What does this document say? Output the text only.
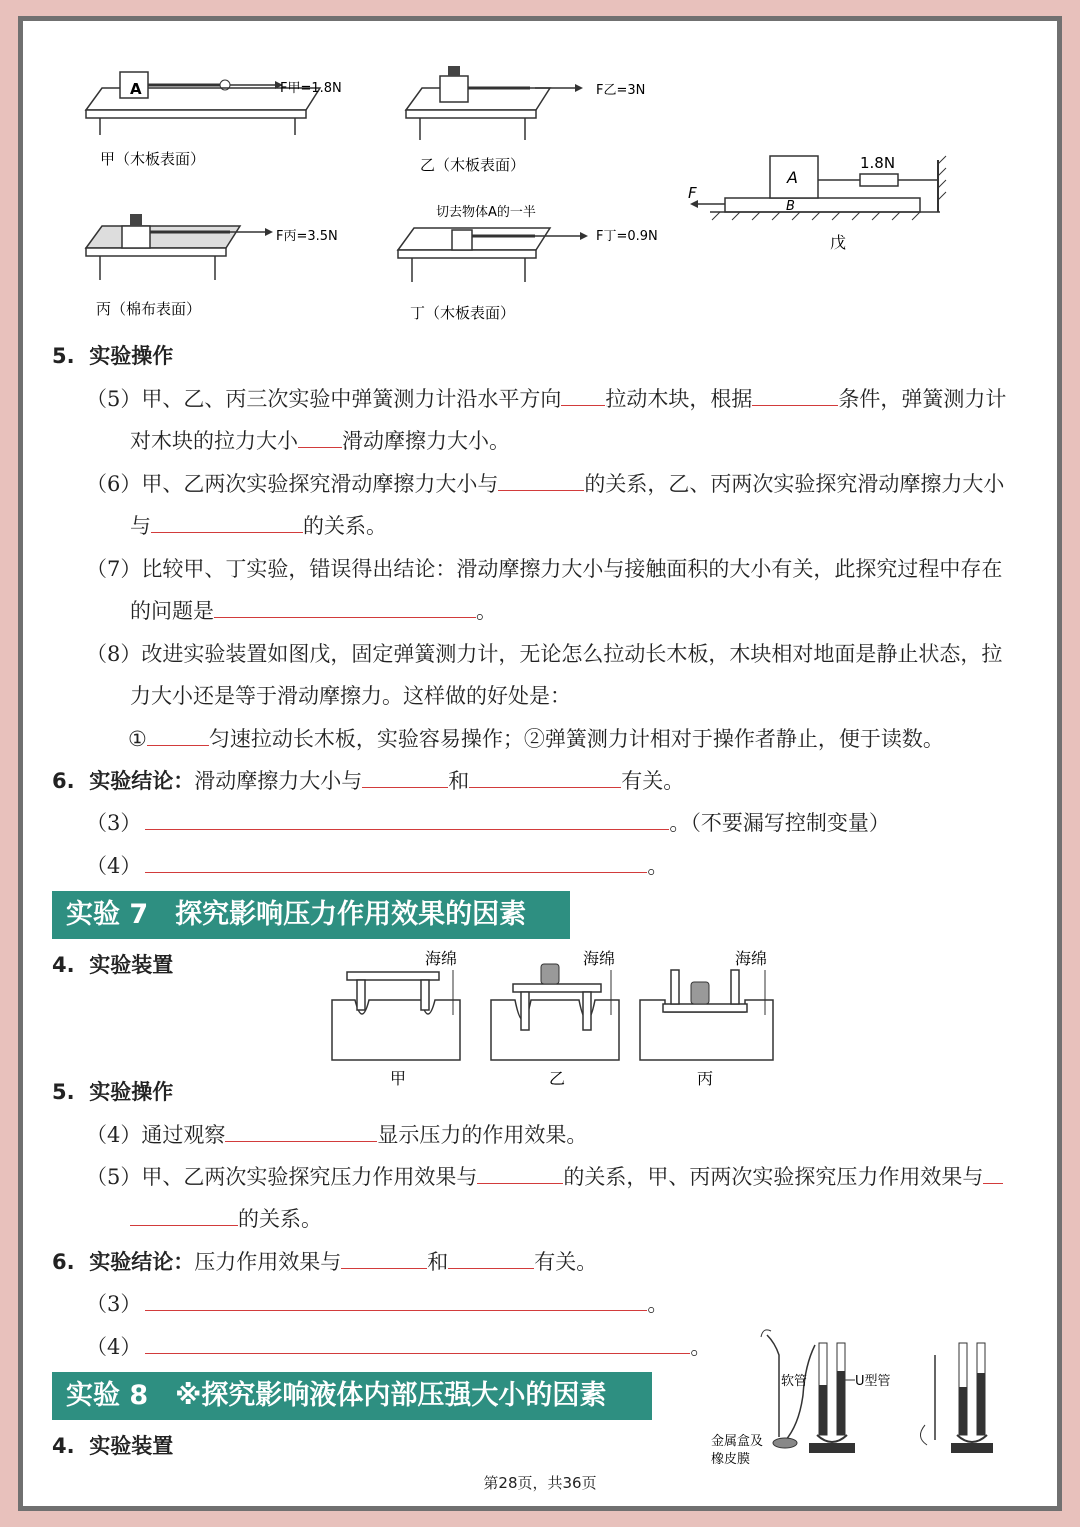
A	F甲=1.8N
甲（木板表面）
F乙=3N
乙（木板表面）
F丙=3.5N
丙（棉布表面）
切去物体A的一半
F丁=0.9N
丁（木板表面）
A
B
F
1.8N
戊
5. 实验操作
（5）甲、乙、丙三次实验中弹簧测力计沿水平方向 拉动木块，根据	条件，弹簧测力计
对木块的拉力大小 滑动摩擦力大小。
（6）甲、乙两次实验探究滑动摩擦力大小与	的关系，乙、丙两次实验探究滑动摩擦力大小
与	的关系。
（7）比较甲、丁实验，错误得出结论：滑动摩擦力大小与接触面积的大小有关，此探究过程中存在
的问题是	。
（8）改进实验装置如图戊，固定弹簧测力计，无论怎么拉动长木板，木块相对地面是静止状态，拉
力大小还是等于滑动摩擦力。这样做的好处是：
①	匀速拉动长木板，实验容易操作；②弹簧测力计相对于操作者静止，便于读数。
6. 实验结论：滑动摩擦力大小与	和	有关。
（3）	。（不要漏写控制变量）
（4）	。
实验 7　探究影响压力作用效果的因素
4. 实验装置	海绵
甲
海绵
乙
海绵
丙
5. 实验操作
（4）通过观察	显示压力的作用效果。
（5）甲、乙两次实验探究压力作用效果与	的关系，甲、丙两次实验探究压力作用效果与
的关系。
6. 实验结论：压力作用效果与	和	有关。
（3）	。
（4）	。
实验 8　※探究影响液体内部压强大小的因素
4. 实验装置
软管	U型管
金属盒及
橡皮膜
第28页，共36页
